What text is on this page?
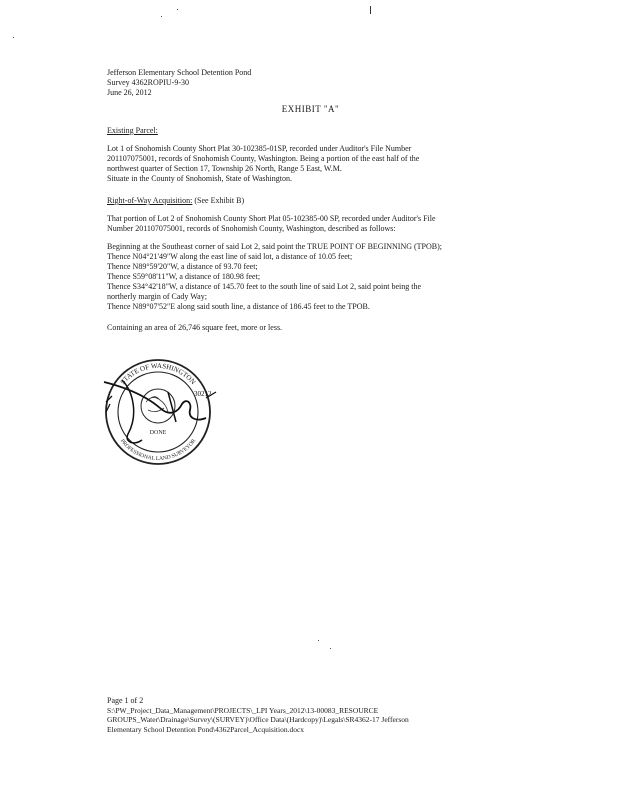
Jefferson Elementary School Detention Pond
Survey 4362ROPIU-9-30
June 26, 2012
EXHIBIT "A"
Existing Parcel:
Lot 1 of Snohomish County Short Plat 30-102385-01SP, recorded under Auditor's File Number
201107075001, records of Snohomish County, Washington. Being a portion of the east half of the
northwest quarter of Section 17, Township 26 North, Range 5 East, W.M.
Situate in the County of Snohomish, State of Washington.
Right-of-Way Acquisition: (See Exhibit B)
That portion of Lot 2 of Snohomish County Short Plat 05-102385-00 SP, recorded under Auditor's File
Number 201107075001, records of Snohomish County, Washington, described as follows:
Beginning at the Southeast corner of said Lot 2, said point the TRUE POINT OF BEGINNING (TPOB);
Thence N04°21'49"W along the east line of said lot, a distance of 10.05 feet;
Thence N89°59'20"W, a distance of 93.70 feet;
Thence S59°08'11"W, a distance of 180.98 feet;
Thence S34°42'18"W, a distance of 145.70 feet to the south line of said Lot 2, said point being the
northerly margin of Cady Way;
Thence N89°07'52"E along said south line, a distance of 186.45 feet to the TPOB.
Containing an area of 26,746 square feet, more or less.
STATE OF WASHINGTON
PROFESSIONAL LAND SURVEYOR
DONE
30212
Page 1 of 2
S:\PW_Project_Data_Management\PROJECTS\_LPI Years_2012\13-00083_RESOURCE
GROUPS_Water\Drainage\Survey\(SURVEY)\Office Data\(Hardcopy)\Legals\SR4362-17 Jefferson
Elementary School Detention Pond\4362Parcel_Acquisition.docx
